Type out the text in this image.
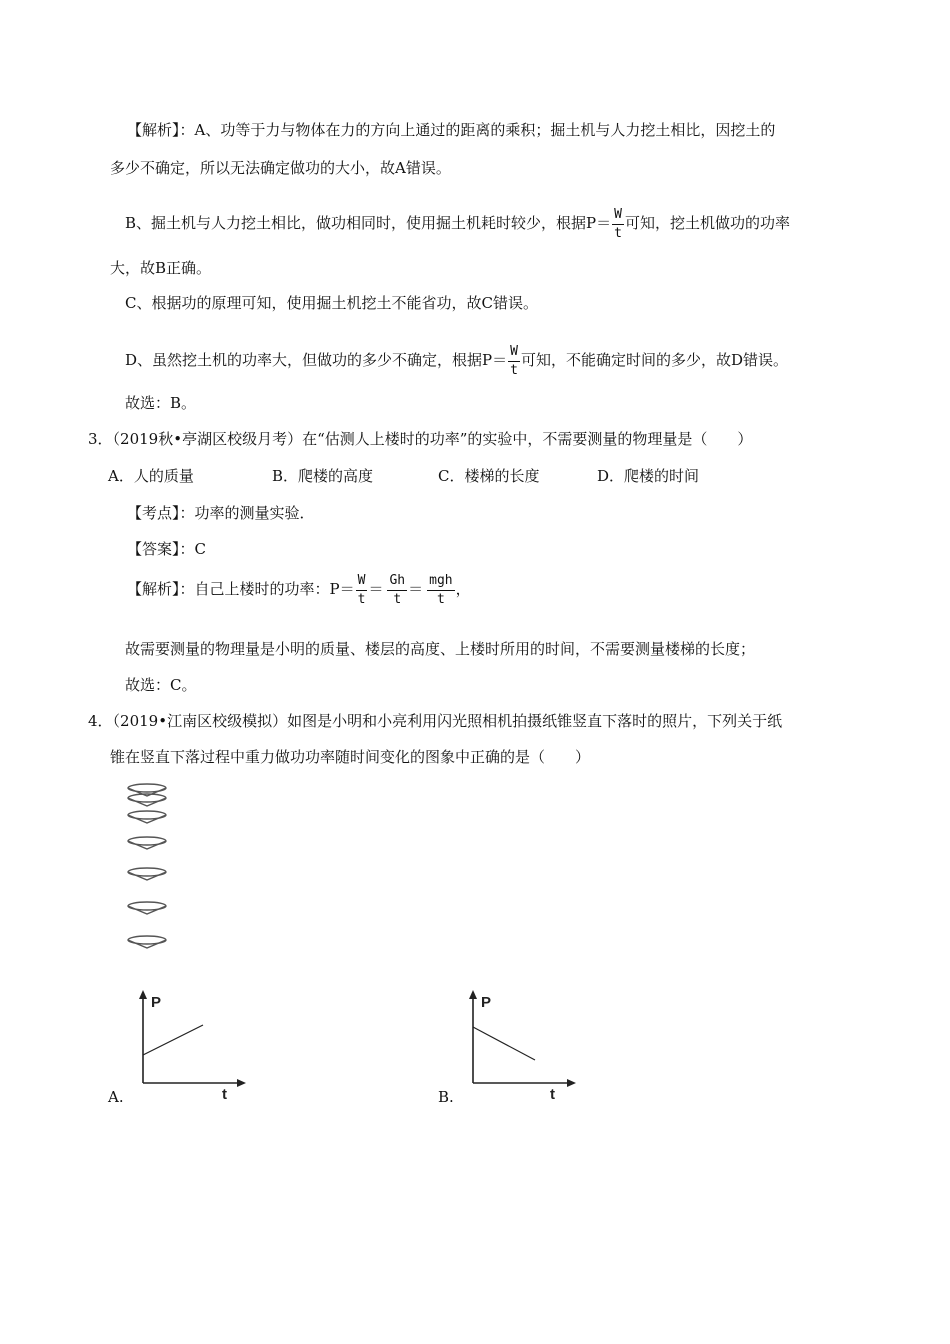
【解析】：A、功等于力与物体在力的方向上通过的距离的乘积；掘土机与人力挖土相比，因挖土的
多少不确定，所以无法确定做功的大小，故A错误。
B、掘土机与人力挖土相比，做功相同时，使用掘土机耗时较少，根据$P= \frac{W}{t}$ 可知，挖土机做功的功率
大，故B正确。
C、根据功的原理可知，使用掘土机挖土不能省功，故C错误。
D、虽然挖土机的功率大，但做功的多少不确定，根据$P= \frac{W}{t}$ 可知，不能确定时间的多少，故D错误。
故选：B。
3．（2019秋•亭湖区校级月考）在“估测人上楼时的功率”的实验中，不需要测量的物理量是（　　）
A．人的质量	B．爬楼的高度	C．楼梯的长度	D．爬楼的时间
【考点】：功率的测量实验．
【答案】：C
【解析】：自己上楼时的功率：$P= \frac{W}{t} = \frac{Gh}{t} = \frac{\text{mgh}}{t}$ ，
故需要测量的物理量是小明的质量、楼层的高度、上楼时所用的时间，不需要测量楼梯的长度；
故选：C。
4．（2019•江南区校级模拟）如图是小明和小亮利用闪光照相机拍摄纸锥竖直下落时的照片，下列关于纸
锥在竖直下落过程中重力做功功率随时间变化的图象中正确的是（　　）
P
t
A.
P
t
B.
